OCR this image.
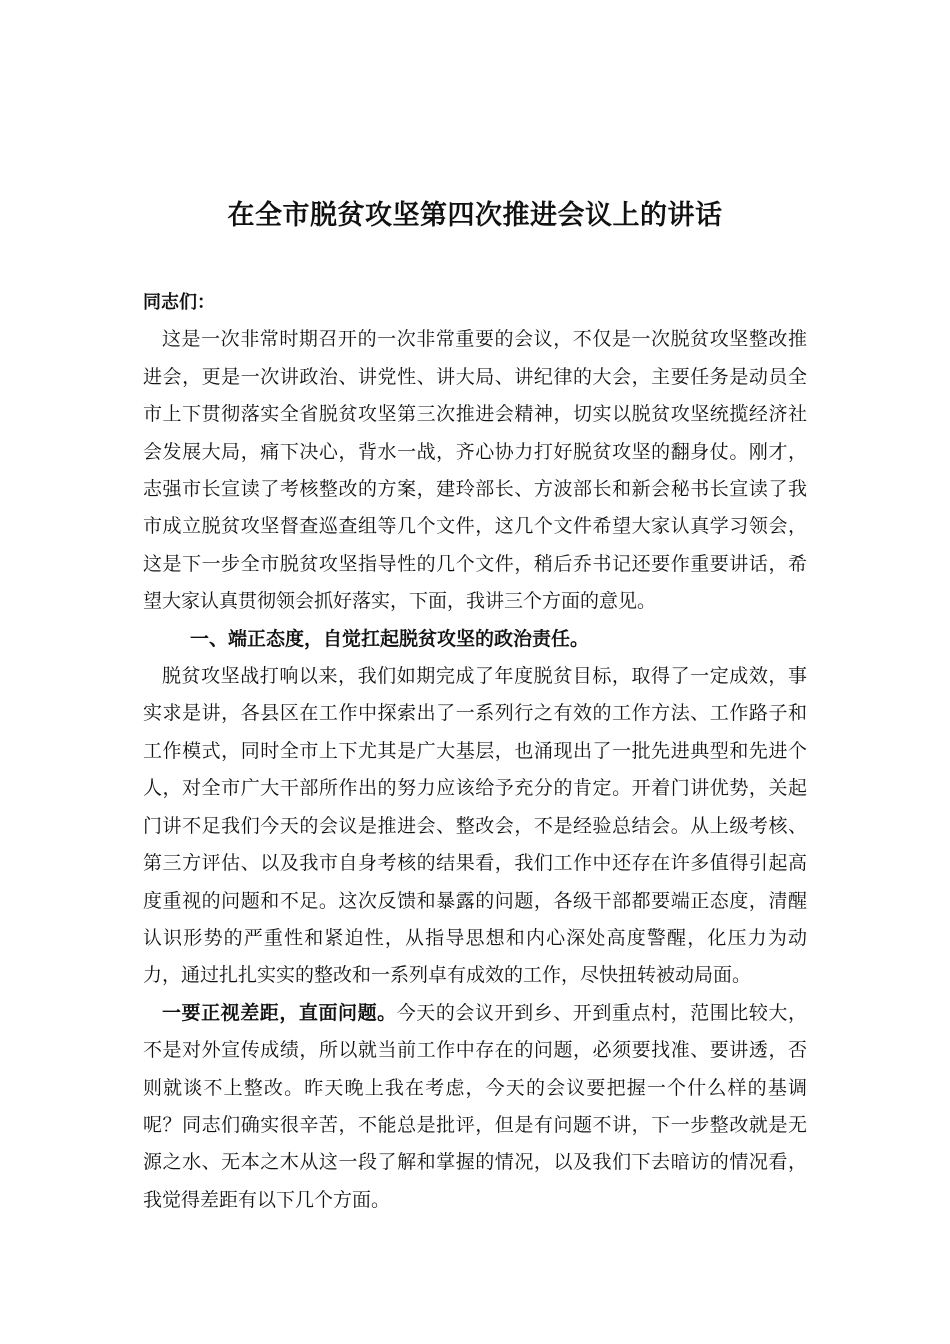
在全市脱贫攻坚第四次推进会议上的讲话

同志们：

这是一次非常时期召开的一次非常重要的会议，不仅是一次脱贫攻坚整改推进会，更是一次讲政治、讲党性、讲大局、讲纪律的大会，主要任务是动员全市上下贯彻落实全省脱贫攻坚第三次推进会精神，切实以脱贫攻坚统揽经济社会发展大局，痛下决心，背水一战，齐心协力打好脱贫攻坚的翻身仗。刚才，志强市长宣读了考核整改的方案，建玲部长、方波部长和新会秘书长宣读了我市成立脱贫攻坚督查巡查组等几个文件，这几个文件希望大家认真学习领会，这是下一步全市脱贫攻坚指导性的几个文件，稍后乔书记还要作重要讲话，希望大家认真贯彻领会抓好落实，下面，我讲三个方面的意见。

一、端正态度，自觉扛起脱贫攻坚的政治责任。

脱贫攻坚战打响以来，我们如期完成了年度脱贫目标，取得了一定成效，事实求是讲，各县区在工作中探索出了一系列行之有效的工作方法、工作路子和工作模式，同时全市上下尤其是广大基层，也涌现出了一批先进典型和先进个人，对全市广大干部所作出的努力应该给予充分的肯定。开着门讲优势，关起门讲不足我们今天的会议是推进会、整改会，不是经验总结会。从上级考核、第三方评估、以及我市自身考核的结果看，我们工作中还存在许多值得引起高度重视的问题和不足。这次反馈和暴露的问题，各级干部都要端正态度，清醒认识形势的严重性和紧迫性，从指导思想和内心深处高度警醒，化压力为动力，通过扎扎实实的整改和一系列卓有成效的工作，尽快扭转被动局面。

一要正视差距，直面问题。今天的会议开到乡、开到重点村，范围比较大，不是对外宣传成绩，所以就当前工作中存在的问题，必须要找准、要讲透，否则就谈不上整改。昨天晚上我在考虑，今天的会议要把握一个什么样的基调呢？同志们确实很辛苦，不能总是批评，但是有问题不讲，下一步整改就是无源之水、无本之木从这一段了解和掌握的情况，以及我们下去暗访的情况看，我觉得差距有以下几个方面。
